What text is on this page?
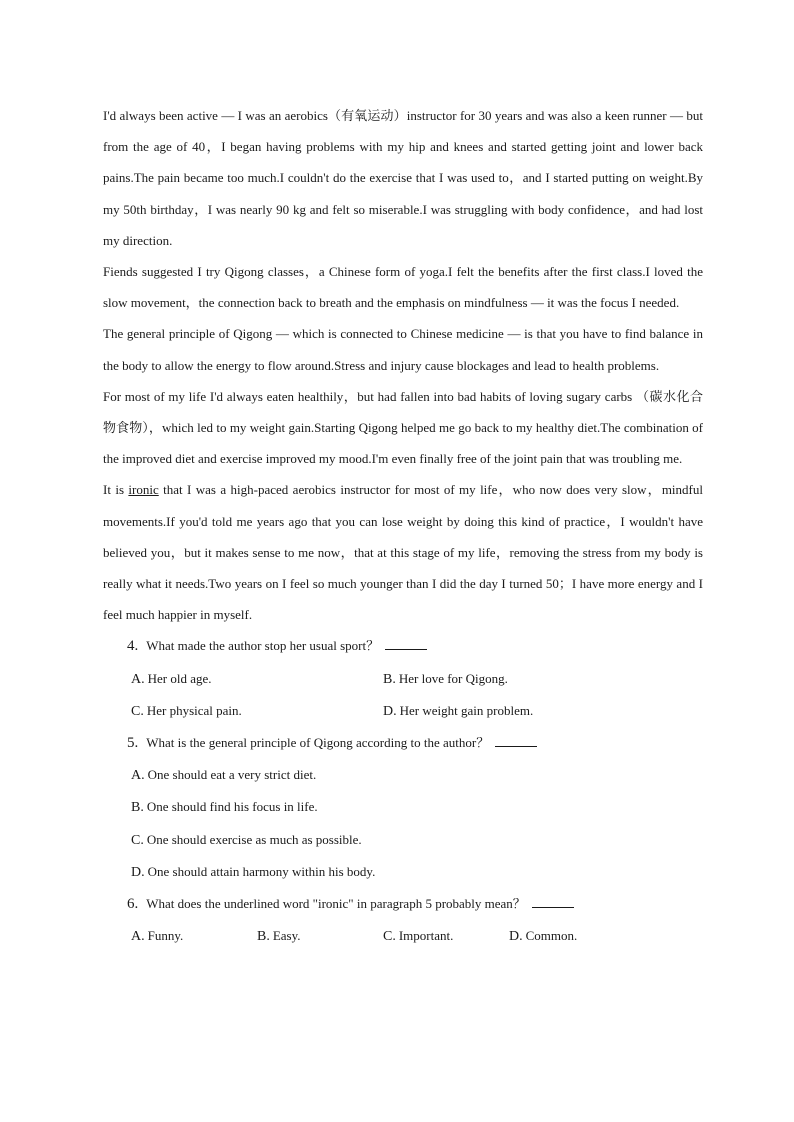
I'd always been active — I was an aerobics（有氧运动）instructor for 30 years and was also a keen runner — but from the age of 40，I began having problems with my hip and knees and started getting joint and lower back pains.The pain became too much.I couldn't do the exercise that I was used to，and I started putting on weight.By my 50th birthday，I was nearly 90 kg and felt so miserable.I was struggling with body confidence，and had lost my direction.

Fiends suggested I try Qigong classes，a Chinese form of yoga.I felt the benefits after the first class.I loved the slow movement，the connection back to breath and the emphasis on mindfulness — it was the focus I needed.

The general principle of Qigong — which is connected to Chinese medicine — is that you have to find balance in the body to allow the energy to flow around.Stress and injury cause blockages and lead to health problems.

For most of my life I'd always eaten healthily，but had fallen into bad habits of loving sugary carbs （碳水化合物食物），which led to my weight gain.Starting Qigong helped me go back to my healthy diet.The combination of the improved diet and exercise improved my mood.I'm even finally free of the joint pain that was troubling me.

It is ironic that I was a high-paced aerobics instructor for most of my life，who now does very slow，mindful movements.If you'd told me years ago that you can lose weight by doing this kind of practice，I wouldn't have believed you，but it makes sense to me now，that at this stage of my life，removing the stress from my body is really what it needs.Two years on I feel so much younger than I did the day I turned 50；I have more energy and I feel much happier in myself.

4. What made the author stop her usual sport？

A. Her old age.	B. Her love for Qigong.
C. Her physical pain.	D. Her weight gain problem.

5. What is the general principle of Qigong according to the author？

A. One should eat a very strict diet.

B. One should find his focus in life.

C. One should exercise as much as possible.

D. One should attain harmony within his body.

6. What does the underlined word "ironic" in paragraph 5 probably mean？

A. Funny.	B. Easy.	C. Important.	D. Common.
